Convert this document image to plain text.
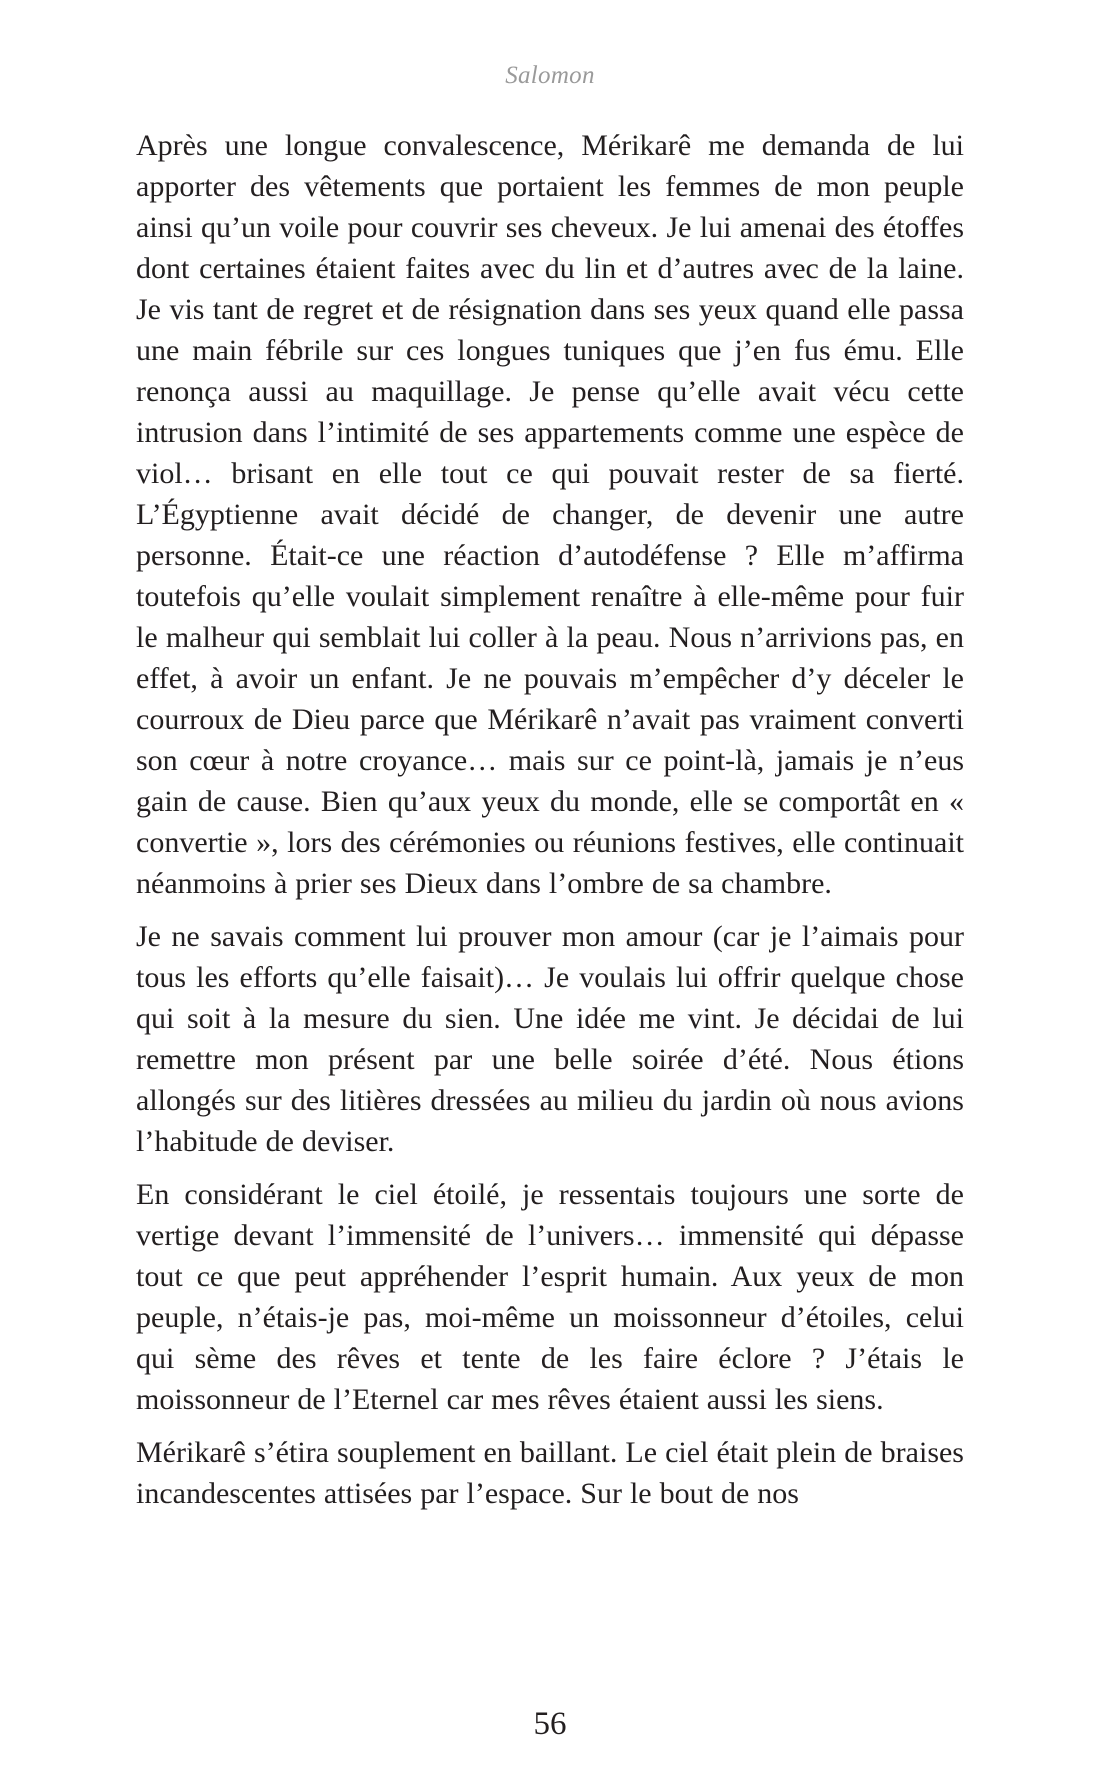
Salomon

Après une longue convalescence, Mérikarê me demanda de lui apporter des vêtements que portaient les femmes de mon peuple ainsi qu’un voile pour couvrir ses cheveux. Je lui amenai des étoffes dont certaines étaient faites avec du lin et d’autres avec de la laine. Je vis tant de regret et de résignation dans ses yeux quand elle passa une main fébrile sur ces longues tuniques que j’en fus ému. Elle renonça aussi au maquillage. Je pense qu’elle avait vécu cette intrusion dans l’intimité de ses appartements comme une espèce de viol… brisant en elle tout ce qui pouvait rester de sa fierté. L’Égyptienne avait décidé de changer, de devenir une autre personne. Était-ce une réaction d’autodéfense ? Elle m’affirma toutefois qu’elle voulait simplement renaître à elle-même pour fuir le malheur qui semblait lui coller à la peau. Nous n’arrivions pas, en effet, à avoir un enfant. Je ne pouvais m’empêcher d’y déceler le courroux de Dieu parce que Mérikarê n’avait pas vraiment converti son cœur à notre croyance… mais sur ce point-là, jamais je n’eus gain de cause. Bien qu’aux yeux du monde, elle se comportât en « convertie », lors des cérémonies ou réunions festives, elle continuait néanmoins à prier ses Dieux dans l’ombre de sa chambre.

Je ne savais comment lui prouver mon amour (car je l’aimais pour tous les efforts qu’elle faisait)… Je voulais lui offrir quelque chose qui soit à la mesure du sien. Une idée me vint. Je décidai de lui remettre mon présent par une belle soirée d’été. Nous étions allongés sur des litières dressées au milieu du jardin où nous avions l’habitude de deviser.

En considérant le ciel étoilé, je ressentais toujours une sorte de vertige devant l’immensité de l’univers… immensité qui dépasse tout ce que peut appréhender l’esprit humain. Aux yeux de mon peuple, n’étais-je pas, moi-même un moissonneur d’étoiles, celui qui sème des rêves et tente de les faire éclore ? J’étais le moissonneur de l’Eternel car mes rêves étaient aussi les siens.

Mérikarê s’étira souplement en baillant. Le ciel était plein de braises incandescentes attisées par l’espace. Sur le bout de nos

56
